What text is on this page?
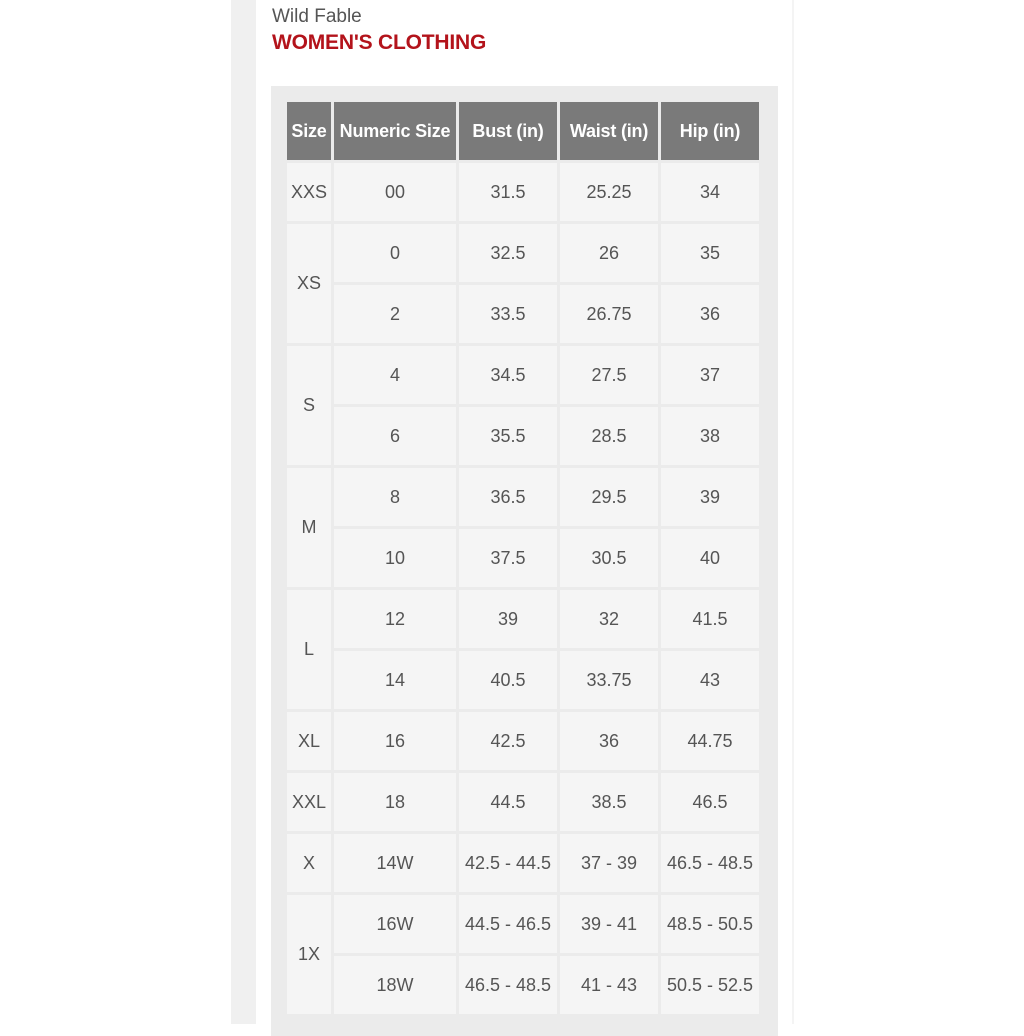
Wild Fable
WOMEN'S CLOTHING
Size	Numeric Size	Bust (in)	Waist (in)	Hip (in)
XXS	00	31.5	25.25	34
XS	0	32.5	26	35
	2	33.5	26.75	36
S	4	34.5	27.5	37
	6	35.5	28.5	38
M	8	36.5	29.5	39
	10	37.5	30.5	40
L	12	39	32	41.5
	14	40.5	33.75	43
XL	16	42.5	36	44.75
XXL	18	44.5	38.5	46.5
X	14W	42.5 - 44.5	37 - 39	46.5 - 48.5
1X	16W	44.5 - 46.5	39 - 41	48.5 - 50.5
	18W	46.5 - 48.5	41 - 43	50.5 - 52.5
